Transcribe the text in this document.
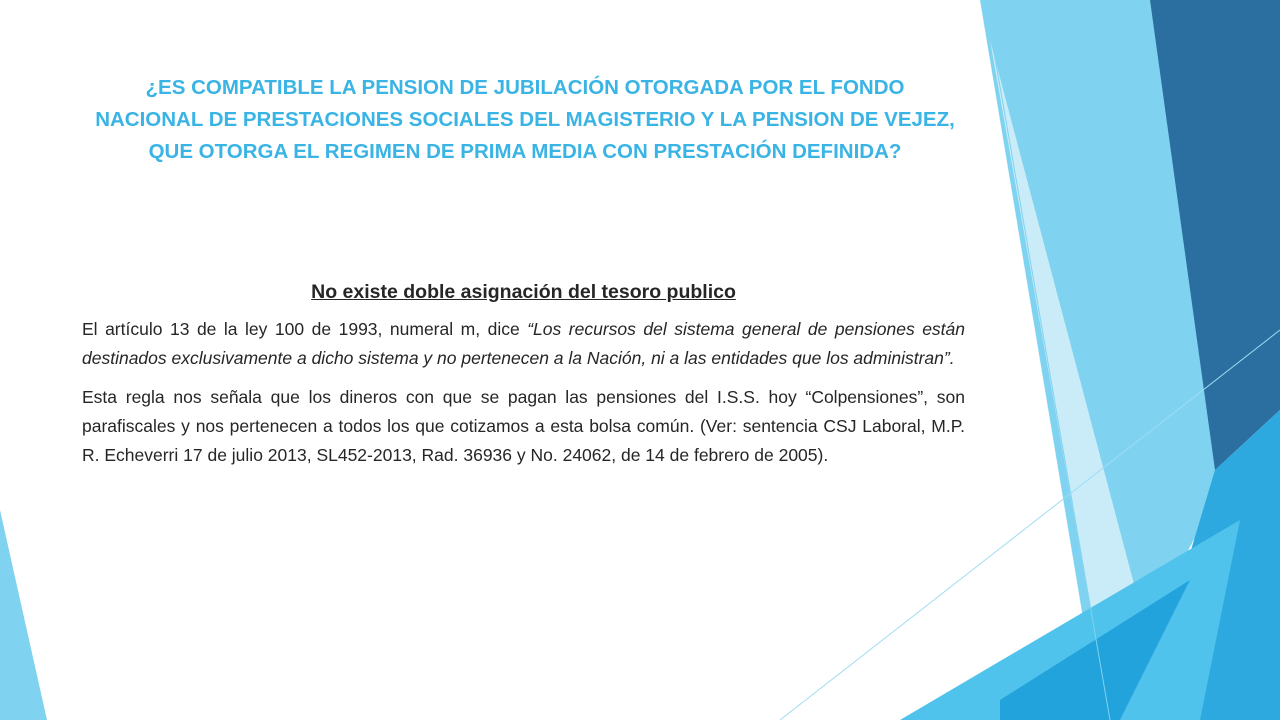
¿ES COMPATIBLE LA PENSION DE JUBILACIÓN OTORGADA POR EL FONDO NACIONAL DE PRESTACIONES SOCIALES DEL MAGISTERIO Y LA PENSION DE VEJEZ, QUE OTORGA EL REGIMEN DE PRIMA MEDIA CON PRESTACIÓN DEFINIDA?

No existe doble asignación del tesoro publico

El artículo 13 de la ley 100 de 1993, numeral m, dice “Los recursos del sistema general de pensiones están destinados exclusivamente a dicho sistema y no pertenecen a la Nación, ni a las entidades que los administran”.

Esta regla nos señala que los dineros con que se pagan las pensiones del I.S.S. hoy “Colpensiones”, son parafiscales y nos pertenecen a todos los que cotizamos a esta bolsa común. (Ver: sentencia CSJ Laboral, M.P. R. Echeverri 17 de julio 2013, SL452-2013, Rad. 36936 y No. 24062, de 14 de febrero de 2005).
